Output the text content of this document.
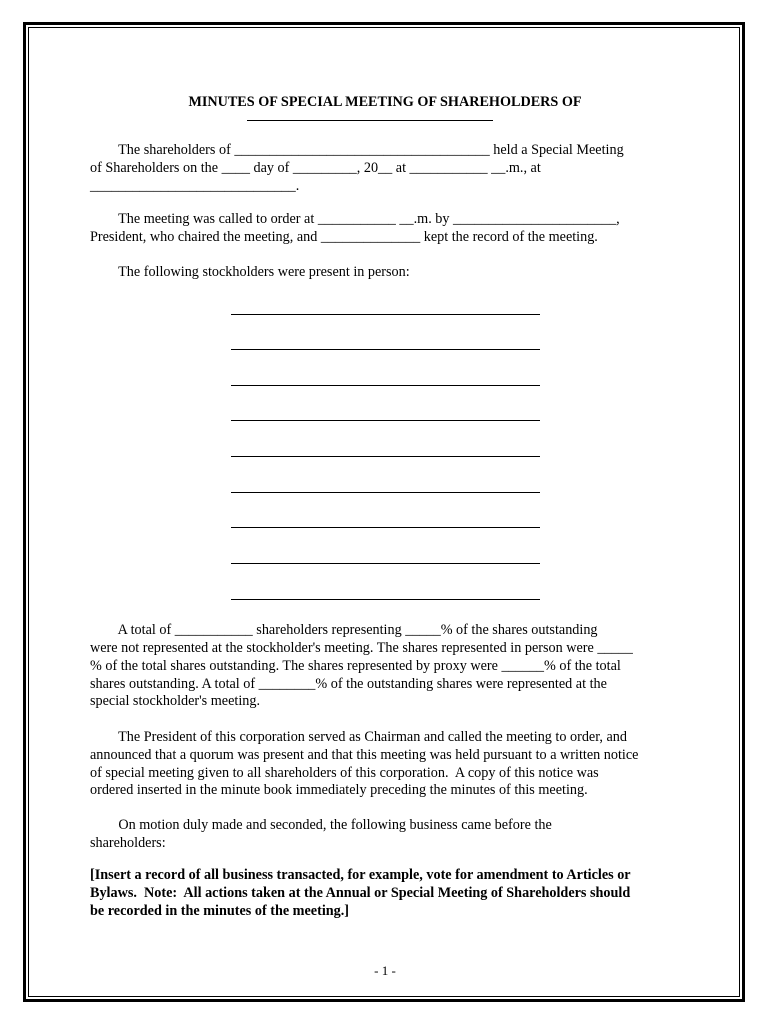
MINUTES OF SPECIAL MEETING OF SHAREHOLDERS OF
The shareholders of ____________________________________ held a Special Meeting
of Shareholders on the ____ day of _________, 20__ at ___________ __.m., at
_____________________________.
The meeting was called to order at ___________ __.m. by _______________________,
President, who chaired the meeting, and ______________ kept the record of the meeting.
The following stockholders were present in person:
A total of ___________ shareholders representing _____% of the shares outstanding
were not represented at the stockholder's meeting. The shares represented in person were _____
% of the total shares outstanding. The shares represented by proxy were ______% of the total
shares outstanding. A total of ________% of the outstanding shares were represented at the
special stockholder's meeting.
The President of this corporation served as Chairman and called the meeting to order, and
announced that a quorum was present and that this meeting was held pursuant to a written notice
of special meeting given to all shareholders of this corporation.  A copy of this notice was
ordered inserted in the minute book immediately preceding the minutes of this meeting.
On motion duly made and seconded, the following business came before the
shareholders:
[Insert a record of all business transacted, for example, vote for amendment to Articles or
Bylaws.  Note:  All actions taken at the Annual or Special Meeting of Shareholders should
be recorded in the minutes of the meeting.]
- 1 -
